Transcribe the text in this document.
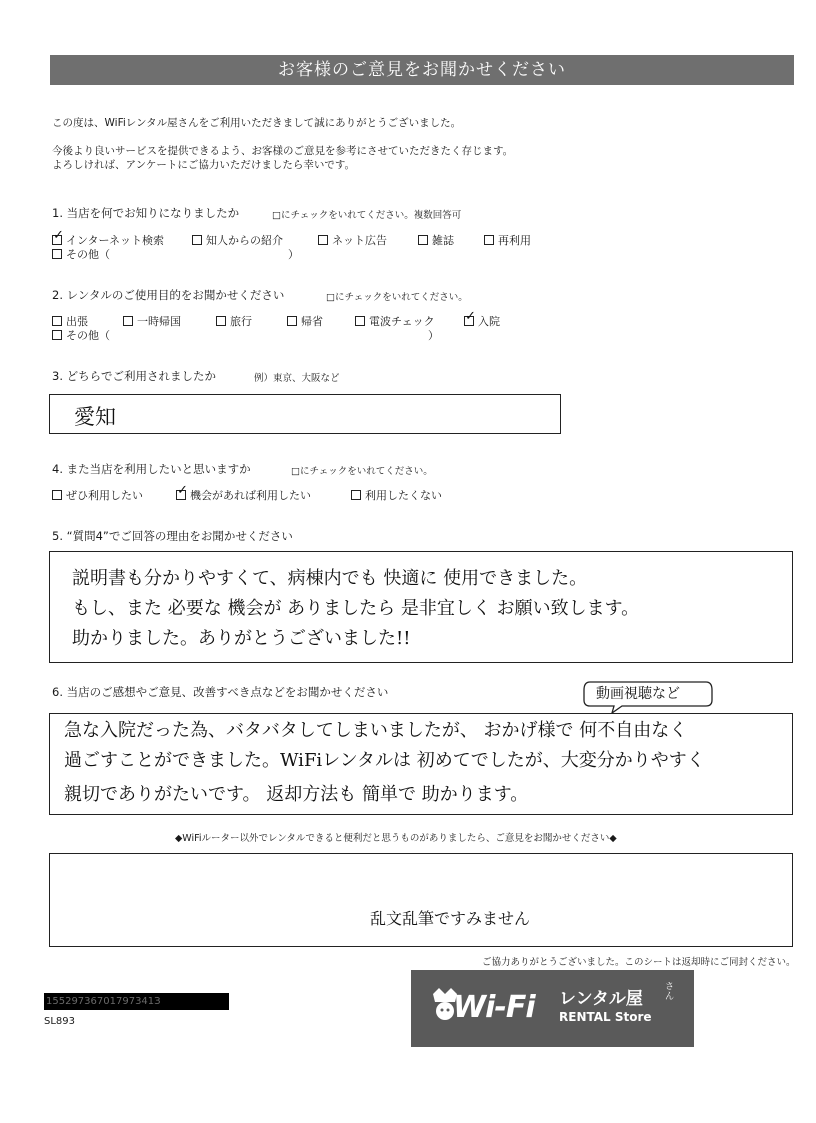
お客様のご意見をお聞かせください
この度は、WiFiレンタル屋さんをご利用いただきまして誠にありがとうございました。
今後より良いサービスを提供できるよう、お客様のご意見を参考にさせていただきたく存じます。
よろしければ、アンケートにご協力いただけましたら幸いです。
1. 当店を何でお知りになりましたか	□にチェックをいれてください。複数回答可
✓ インターネット検索	知人からの紹介	ネット広告	雑誌	再利用
その他（	）
2. レンタルのご使用目的をお聞かせください	□にチェックをいれてください。
出張	一時帰国	旅行	帰省	電波チェック ✓ 入院
その他（	）
3. どちらでご利用されましたか	例）東京、大阪など
愛知
4. また当店を利用したいと思いますか	□にチェックをいれてください。
ぜひ利用したい	✓ 機会があれば利用したい	利用したくない
5. “質問4”でご回答の理由をお聞かせください
説明書も分かりやすくて、病棟内でも 快適に 使用できました。
もし、また 必要な 機会が ありましたら 是非宜しく お願い致します。
助かりました。ありがとうございました!!
6. 当店のご感想やご意見、改善すべき点などをお聞かせください	動画視聴など
急な入院だった為、バタバタしてしまいましたが、 おかげ様で 何不自由なく
過ごすことができました。WiFiレンタルは 初めてでしたが、大変分かりやすく
親切でありがたいです。 返却方法も 簡単で 助かります。
◆WiFiルーター以外でレンタルできると便利だと思うものがありましたら、ご意見をお聞かせください◆
乱文乱筆ですみません
ご協力ありがとうございました。このシートは返却時にご同封ください。
15529736701797341З
SL893	Wi-Fi レンタル屋
さん
RENTAL Store
